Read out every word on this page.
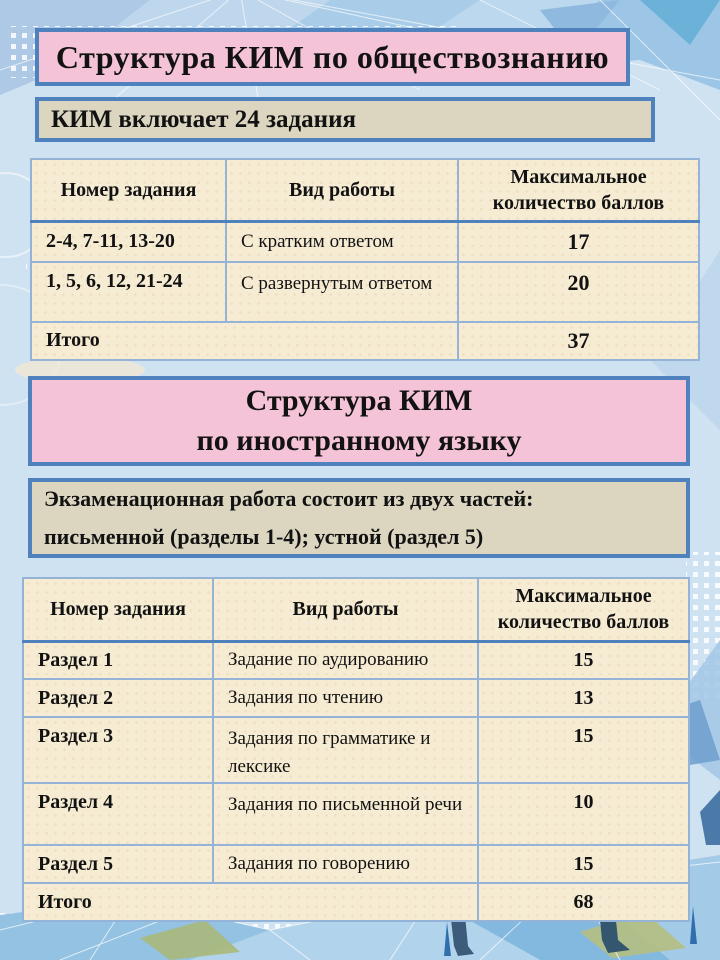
Структура КИМ по обществознанию
КИМ включает 24 задания
Номер задания	Вид работы	Максимальное количество баллов
2-4, 7-11, 13-20	С кратким ответом	17
1, 5, 6, 12, 21-24	С развернутым ответом	20
Итого		37
Структура КИМ
по иностранному языку
Экзаменационная работа состоит из двух частей:
письменной (разделы 1-4); устной (раздел 5)
Номер задания	Вид работы	Максимальное количество баллов
Раздел 1	Задание по аудированию	15
Раздел 2	Задания по чтению	13
Раздел 3	Задания по грамматике и лексике	15
Раздел 4	Задания по письменной речи	10
Раздел 5	Задания по говорению	15
Итого		68
